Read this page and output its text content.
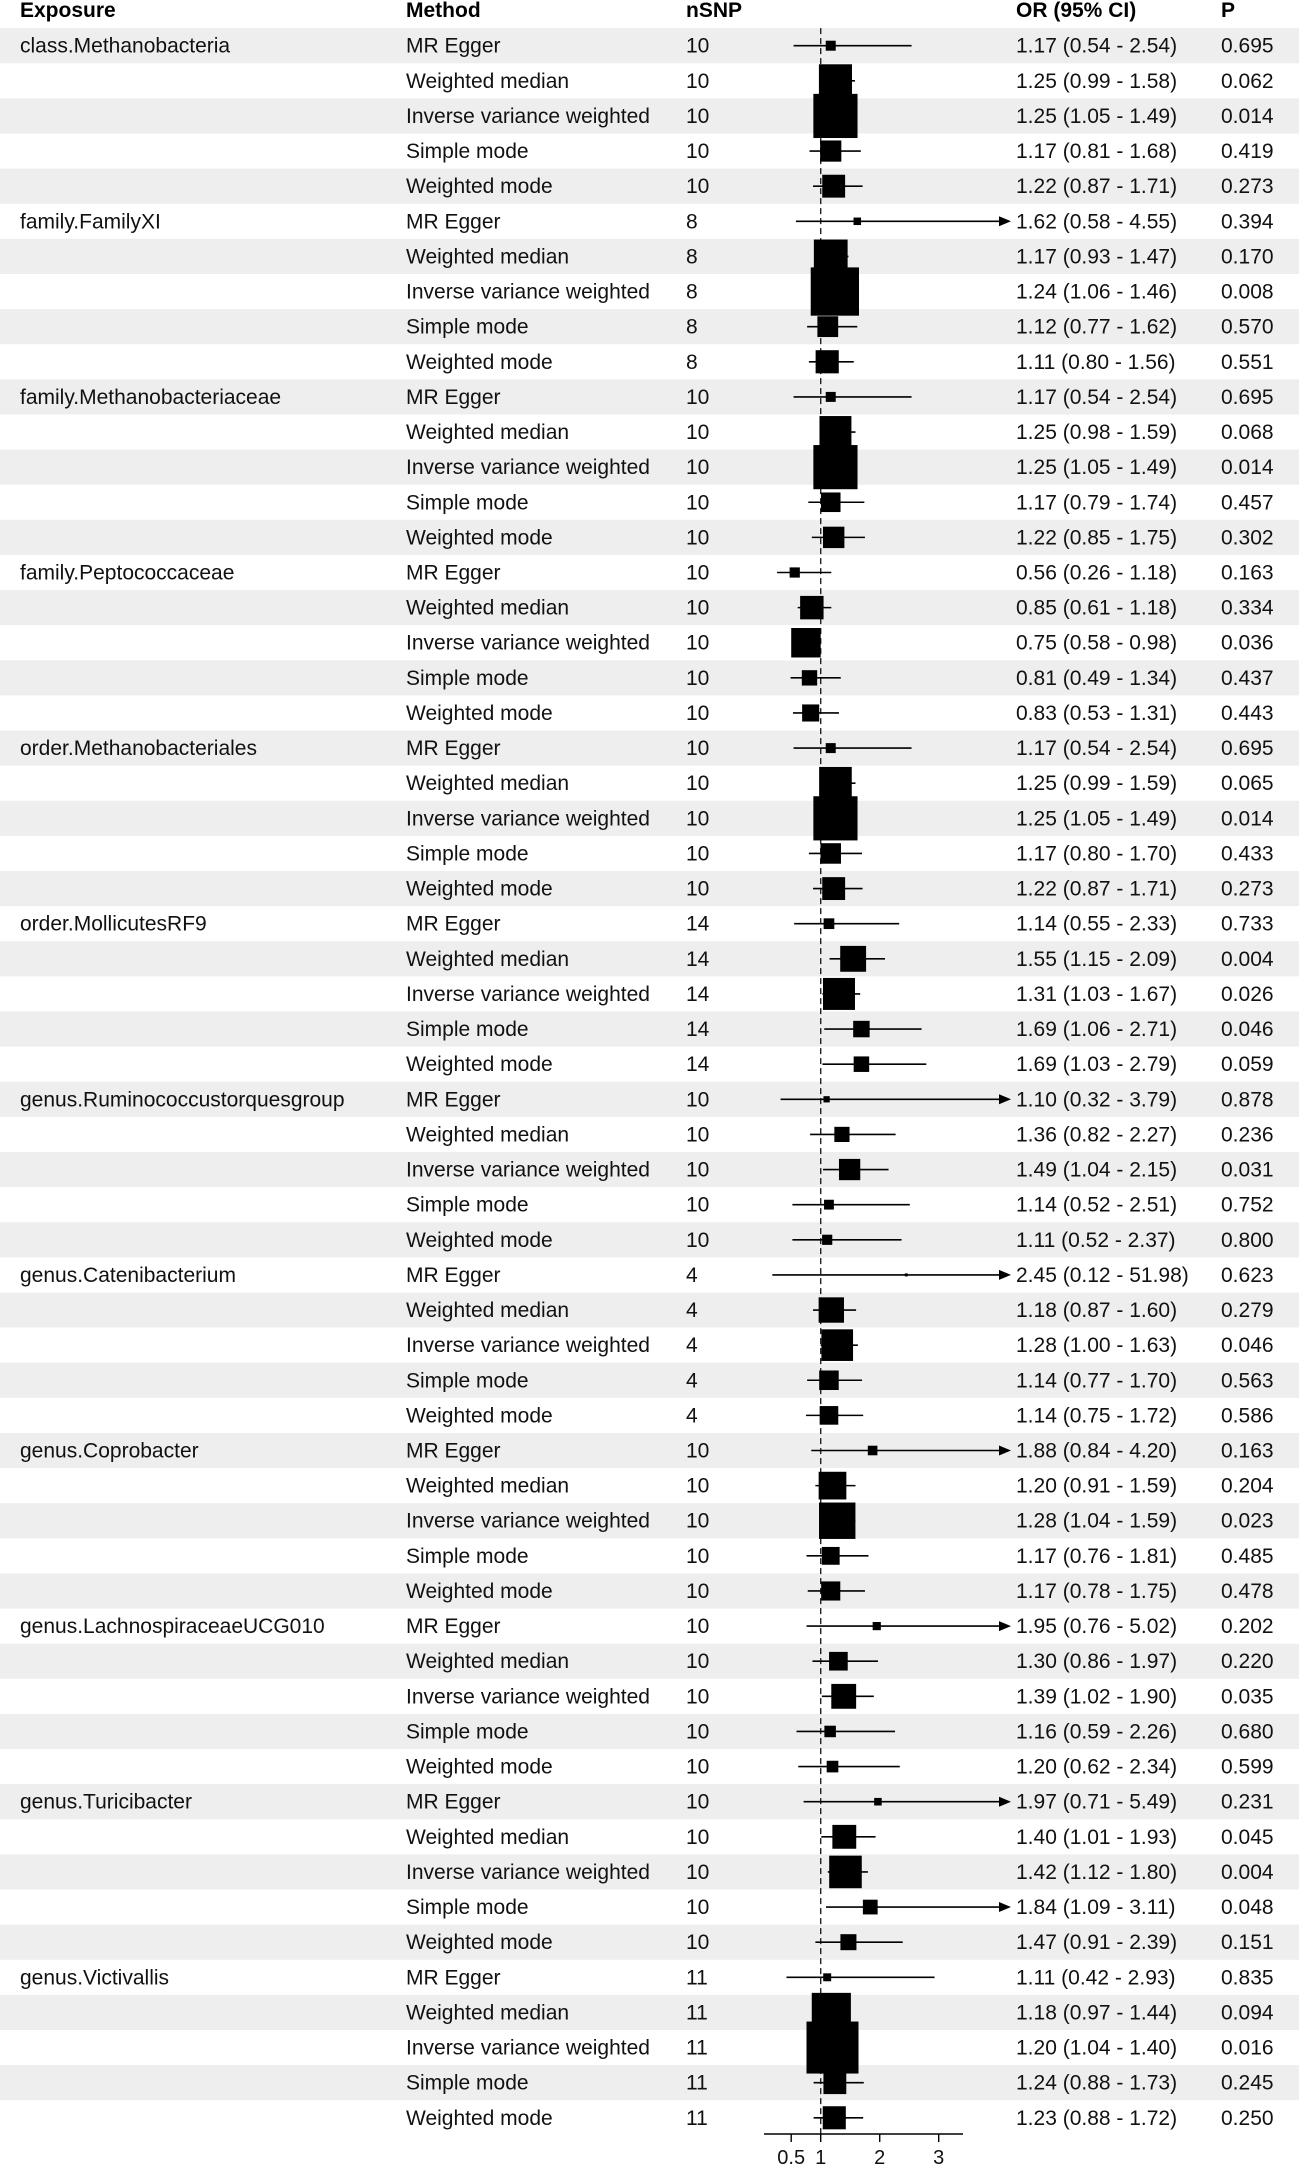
Exposure	Method	nSNP	OR (95% CI)	P
class.Methanobacteria	MR Egger	10	1.17 (0.54 - 2.54) 0.695
Weighted median	10	1.25 (0.99 - 1.58) 0.062
Inverse variance weighted 10	1.25 (1.05 - 1.49) 0.014
Simple mode	10	1.17 (0.81 - 1.68) 0.419
Weighted mode	10	1.22 (0.87 - 1.71) 0.273
family.FamilyXI	MR Egger	8	1.62 (0.58 - 4.55) 0.394
Weighted median	8	1.17 (0.93 - 1.47) 0.170
Inverse variance weighted 8	1.24 (1.06 - 1.46) 0.008
Simple mode	8	1.12 (0.77 - 1.62) 0.570
Weighted mode	8	1.11 (0.80 - 1.56) 0.551
family.Methanobacteriaceae	MR Egger	10	1.17 (0.54 - 2.54) 0.695
Weighted median	10	1.25 (0.98 - 1.59) 0.068
Inverse variance weighted 10	1.25 (1.05 - 1.49) 0.014
Simple mode	10	1.17 (0.79 - 1.74) 0.457
Weighted mode	10	1.22 (0.85 - 1.75) 0.302
family.Peptococcaceae	MR Egger	10	0.56 (0.26 - 1.18) 0.163
Weighted median	10	0.85 (0.61 - 1.18) 0.334
Inverse variance weighted 10	0.75 (0.58 - 0.98) 0.036
Simple mode	10	0.81 (0.49 - 1.34) 0.437
Weighted mode	10	0.83 (0.53 - 1.31) 0.443
order.Methanobacteriales	MR Egger	10	1.17 (0.54 - 2.54) 0.695
Weighted median	10	1.25 (0.99 - 1.59) 0.065
Inverse variance weighted 10	1.25 (1.05 - 1.49) 0.014
Simple mode	10	1.17 (0.80 - 1.70) 0.433
Weighted mode	10	1.22 (0.87 - 1.71) 0.273
order.MollicutesRF9	MR Egger	14	1.14 (0.55 - 2.33) 0.733
Weighted median	14	1.55 (1.15 - 2.09) 0.004
Inverse variance weighted 14	1.31 (1.03 - 1.67) 0.026
Simple mode	14	1.69 (1.06 - 2.71) 0.046
Weighted mode	14	1.69 (1.03 - 2.79) 0.059
genus.Ruminococcustorquesgroup	MR Egger	10	1.10 (0.32 - 3.79) 0.878
Weighted median	10	1.36 (0.82 - 2.27) 0.236
Inverse variance weighted 10	1.49 (1.04 - 2.15) 0.031
Simple mode	10	1.14 (0.52 - 2.51) 0.752
Weighted mode	10	1.11 (0.52 - 2.37) 0.800
genus.Catenibacterium	MR Egger	4	2.45 (0.12 - 51.98) 0.623
Weighted median	4	1.18 (0.87 - 1.60) 0.279
Inverse variance weighted 4	1.28 (1.00 - 1.63) 0.046
Simple mode	4	1.14 (0.77 - 1.70) 0.563
Weighted mode	4	1.14 (0.75 - 1.72) 0.586
genus.Coprobacter	MR Egger	10	1.88 (0.84 - 4.20) 0.163
Weighted median	10	1.20 (0.91 - 1.59) 0.204
Inverse variance weighted 10	1.28 (1.04 - 1.59) 0.023
Simple mode	10	1.17 (0.76 - 1.81) 0.485
Weighted mode	10	1.17 (0.78 - 1.75) 0.478
genus.LachnospiraceaeUCG010	MR Egger	10	1.95 (0.76 - 5.02) 0.202
Weighted median	10	1.30 (0.86 - 1.97) 0.220
Inverse variance weighted 10	1.39 (1.02 - 1.90) 0.035
Simple mode	10	1.16 (0.59 - 2.26) 0.680
Weighted mode	10	1.20 (0.62 - 2.34) 0.599
genus.Turicibacter	MR Egger	10	1.97 (0.71 - 5.49) 0.231
Weighted median	10	1.40 (1.01 - 1.93) 0.045
Inverse variance weighted 10	1.42 (1.12 - 1.80) 0.004
Simple mode	10	1.84 (1.09 - 3.11) 0.048
Weighted mode	10	1.47 (0.91 - 2.39) 0.151
genus.Victivallis	MR Egger	11	1.11 (0.42 - 2.93) 0.835
Weighted median	11	1.18 (0.97 - 1.44) 0.094
Inverse variance weighted 11	1.20 (1.04 - 1.40) 0.016
Simple mode	11	1.24 (0.88 - 1.73) 0.245
Weighted mode	11	1.23 (0.88 - 1.72) 0.250
0.5 1 2 3
